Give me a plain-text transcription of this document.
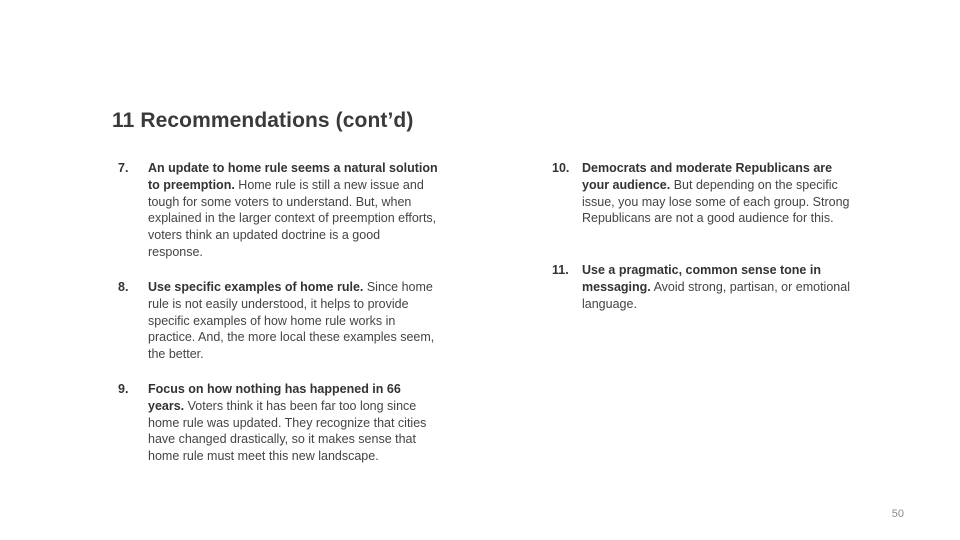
11 Recommendations (cont’d)
7. An update to home rule seems a natural solution to preemption. Home rule is still a new issue and tough for some voters to understand. But, when explained in the larger context of preemption efforts, voters think an updated doctrine is a good response.
8. Use specific examples of home rule. Since home rule is not easily understood, it helps to provide specific examples of how home rule works in practice. And, the more local these examples seem, the better.
9. Focus on how nothing has happened in 66 years. Voters think it has been far too long since home rule was updated. They recognize that cities have changed drastically, so it makes sense that home rule must meet this new landscape.
10. Democrats and moderate Republicans are your audience. But depending on the specific issue, you may lose some of each group. Strong Republicans are not a good audience for this.
11. Use a pragmatic, common sense tone in messaging. Avoid strong, partisan, or emotional language.
50
